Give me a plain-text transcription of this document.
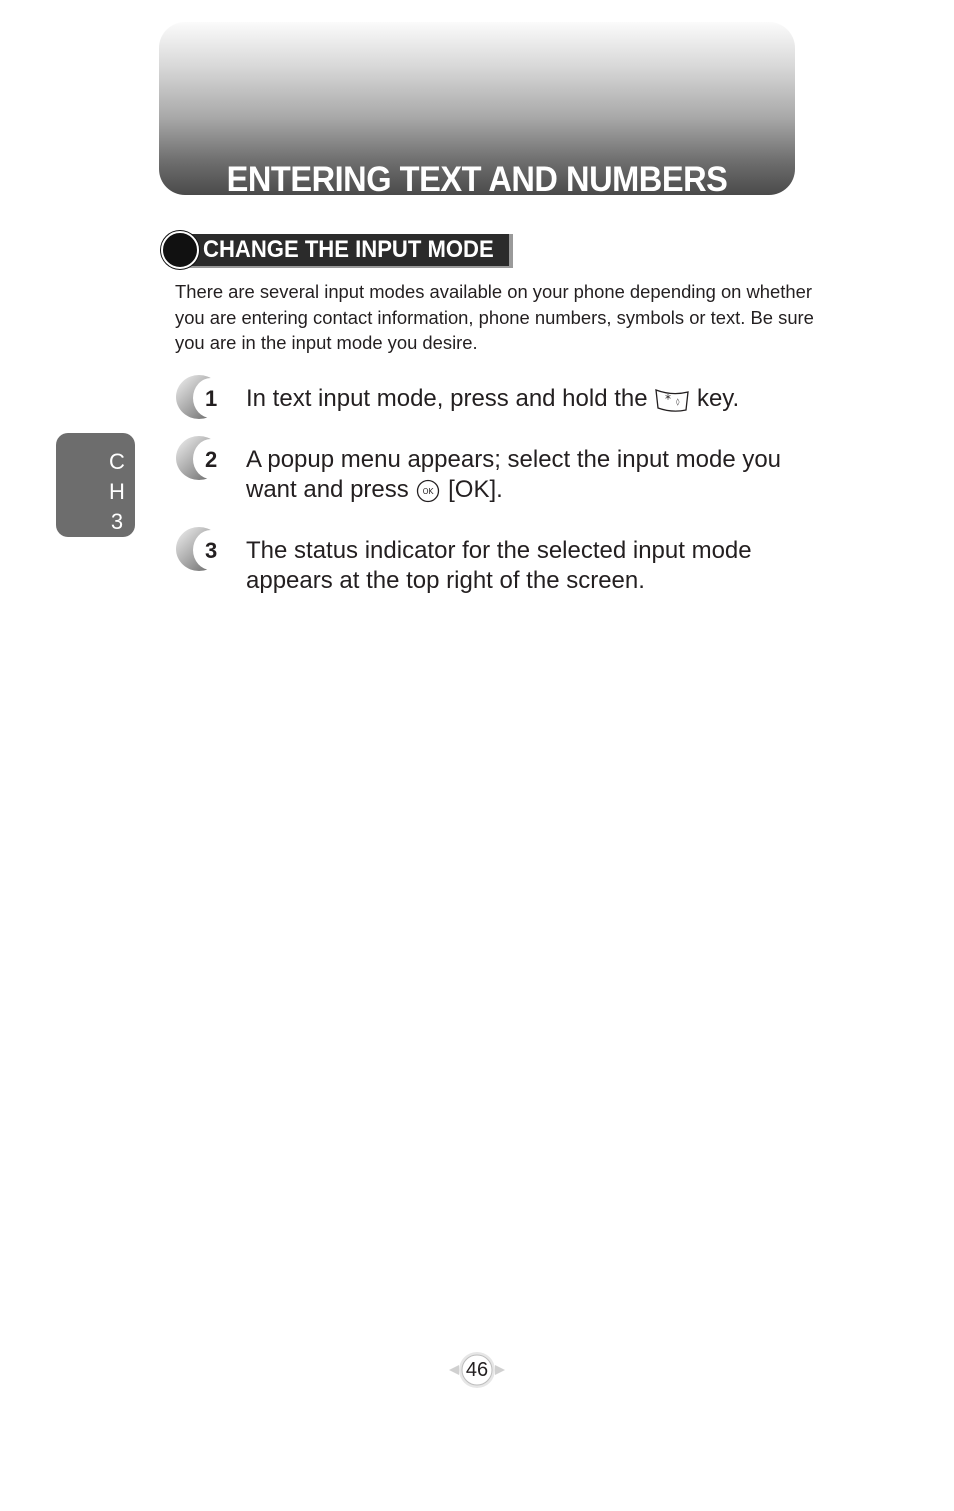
ENTERING TEXT AND NUMBERS
CHANGE THE INPUT MODE
There are several input modes available on your phone depending on whether you are entering contact information, phone numbers, symbols or text. Be sure you are in the input mode you desire.
1 In text input mode, press and hold the * ◊ key.
2 A popup menu appears; select the input mode you want and press OK [OK].
3 The status indicator for the selected input mode appears at the top right of the screen.
C
H
3
46
